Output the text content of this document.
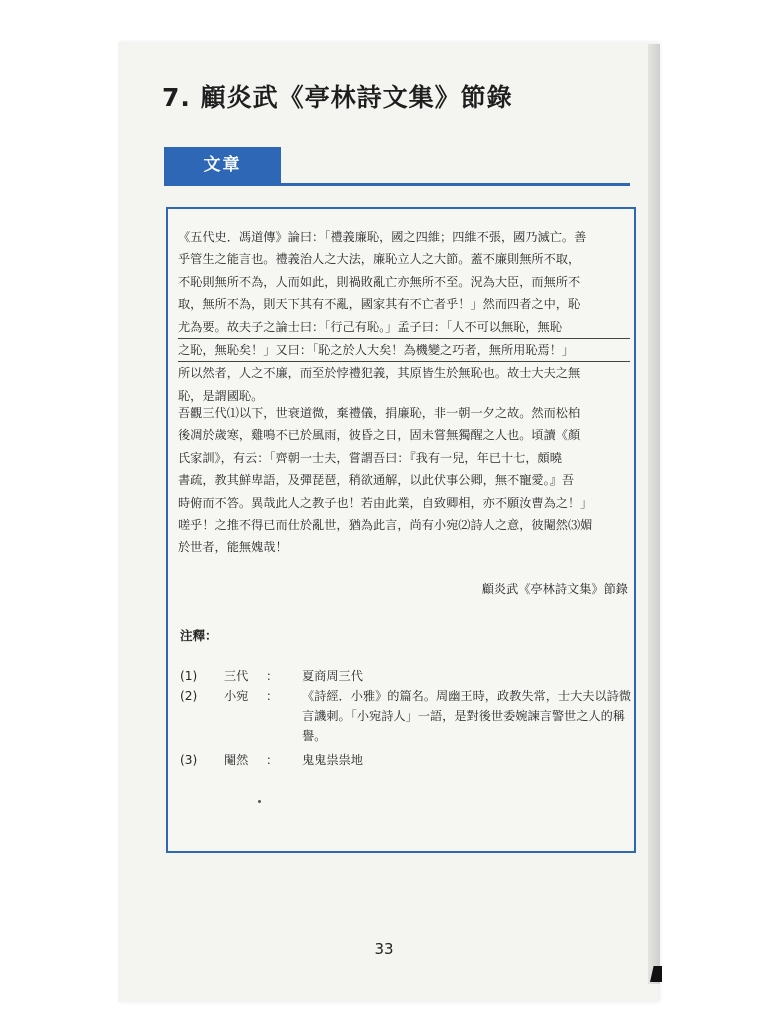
7. 顧炎武《亭林詩文集》節錄
文章
《五代史．馮道傳》論曰：「禮義廉恥，國之四維；四維不張，國乃滅亡。善
乎管生之能言也。禮義治人之大法，廉恥立人之大節。蓋不廉則無所不取，
不恥則無所不為，人而如此，則禍敗亂亡亦無所不至。況為大臣，而無所不
取，無所不為，則天下其有不亂，國家其有不亡者乎！」然而四者之中，恥
尤為要。故夫子之論士曰：「行己有恥。」孟子曰：「人不可以無恥，無恥
之恥，無恥矣！」又曰：「恥之於人大矣！為機變之巧者，無所用恥焉！」
所以然者，人之不廉，而至於悖禮犯義，其原皆生於無恥也。故士大夫之無
恥，是謂國恥。
吾觀三代⑴以下，世衰道微，棄禮儀，捐廉恥，非一朝一夕之故。然而松柏
後凋於歲寒，雞鳴不已於風雨，彼昏之日，固未嘗無獨醒之人也。頃讀《顏
氏家訓》，有云：「齊朝一士夫，嘗謂吾曰：『我有一兒，年已十七，頗曉
書疏，教其鮮卑語，及彈琵琶，稍欲通解，以此伏事公卿，無不寵愛。』吾
時俯而不答。異哉此人之教子也！若由此業，自致卿相，亦不願汝曹為之！」
嗟乎！之推不得已而仕於亂世，猶為此言，尚有小宛⑵詩人之意，彼閹然⑶媚
於世者，能無媿哉！
顧炎武《亭林詩文集》節錄
注釋：
(1)	三代	： 夏商周三代
(2)	小宛	： 《詩經．小雅》的篇名。周幽王時，政教失常，士大夫以詩微言譏刺。「小宛詩人」一語，是對後世委婉諫言警世之人的稱譽。
(3)	閹然	： 鬼鬼祟祟地
33
